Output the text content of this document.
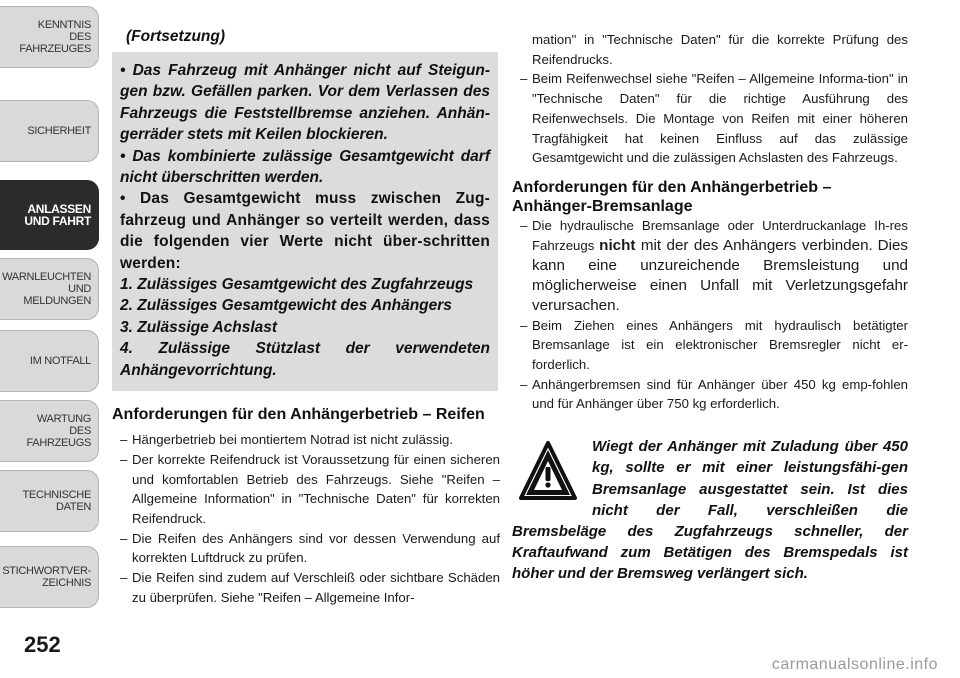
KENNTNIS
DES
FAHRZEUGES
SICHERHEIT
ANLASSEN
UND FAHRT
WARNLEUCHTEN
UND
MELDUNGEN
IM NOTFALL
WARTUNG
DES
FAHRZEUGS
TECHNISCHE
DATEN
STICHWORTVER-
ZEICHNIS
252

(Fortsetzung)

• Das Fahrzeug mit Anhänger nicht auf Steigun-gen bzw. Gefällen parken. Vor dem Verlassen des Fahrzeugs die Feststellbremse anziehen. Anhän-gerräder stets mit Keilen blockieren.

• Das kombinierte zulässige Gesamtgewicht darf nicht überschritten werden.

• Das Gesamtgewicht muss zwischen Zug-fahrzeug und Anhänger so verteilt werden, dass die folgenden vier Werte nicht über-schritten werden:

1. Zulässiges Gesamtgewicht des Zugfahrzeugs

2. Zulässiges Gesamtgewicht des Anhängers

3. Zulässige Achslast

4. Zulässige Stützlast der verwendeten Anhängevorrichtung.

Anforderungen für den Anhängerbetrieb – Reifen
– Hängerbetrieb bei montiertem Notrad ist nicht zulässig.
– Der korrekte Reifendruck ist Voraussetzung für einen sicheren und komfortablen Betrieb des Fahrzeugs. Siehe "Reifen – Allgemeine Information" in "Technische Daten" für korrekten Reifendruck.
– Die Reifen des Anhängers sind vor dessen Verwendung auf korrekten Luftdruck zu prüfen.
– Die Reifen sind zudem auf Verschleiß oder sichtbare Schäden zu überprüfen. Siehe "Reifen – Allgemeine Infor-
mation" in "Technische Daten" für die korrekte Prüfung des Reifendrucks.
– Beim Reifenwechsel siehe "Reifen – Allgemeine Informa-tion" in "Technische Daten" für die richtige Ausführung des Reifenwechsels. Die Montage von Reifen mit einer höheren Tragfähigkeit hat keinen Einfluss auf das zulässige Gesamtgewicht und die zulässigen Achslasten des Fahrzeugs.
Anforderungen für den Anhängerbetrieb – Anhänger-Bremsanlage
– Die hydraulische Bremsanlage oder Unterdruckanlage Ih-res Fahrzeugs nicht mit der des Anhängers verbinden. Dies kann eine unzureichende Bremsleistung und möglicherweise einen Unfall mit Verletzungsgefahr verursachen.
– Beim Ziehen eines Anhängers mit hydraulisch betätigter Bremsanlage ist ein elektronischer Bremsregler nicht er-forderlich.
– Anhängerbremsen sind für Anhänger über 450 kg emp-fohlen und für Anhänger über 750 kg erforderlich.

Wiegt der Anhänger mit Zuladung über 450 kg, sollte er mit einer leistungsfähi-gen Bremsanlage ausgestattet sein. Ist dies nicht der Fall, verschleißen die Bremsbeläge des Zugfahrzeugs schneller, der Kraftaufwand zum Betätigen des Bremspedals ist höher und der Bremsweg verlängert sich.

carmanualsonline.info
